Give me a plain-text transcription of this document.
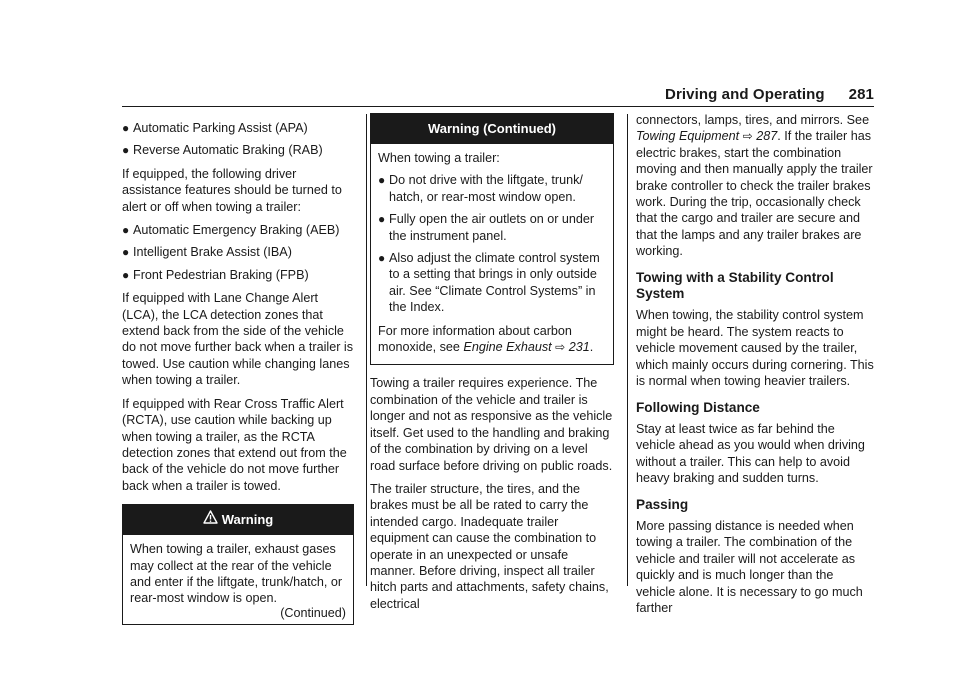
Driving and Operating 281
● Automatic Parking Assist (APA)
● Reverse Automatic Braking (RAB)

If equipped, the following driver assistance features should be turned to alert or off when towing a trailer:

● Automatic Emergency Braking (AEB)
● Intelligent Brake Assist (IBA)
● Front Pedestrian Braking (FPB)

If equipped with Lane Change Alert (LCA), the LCA detection zones that extend back from the side of the vehicle do not move further back when a trailer is towed. Use caution while changing lanes when towing a trailer.

If equipped with Rear Cross Traffic Alert (RCTA), use caution while backing up when towing a trailer, as the RCTA detection zones that extend out from the back of the vehicle do not move further back when a trailer is towed.

Warning

When towing a trailer, exhaust gases may collect at the rear of the vehicle and enter if the liftgate, trunk/hatch, or rear-most window is open.

(Continued)
Warning (Continued)

When towing a trailer:

● Do not drive with the liftgate, trunk/ hatch, or rear-most window open.
● Fully open the air outlets on or under the instrument panel.
● Also adjust the climate control system to a setting that brings in only outside air. See “Climate Control Systems” in the Index.

For more information about carbon monoxide, see Engine Exhaust ⇨ 231.

Towing a trailer requires experience. The combination of the vehicle and trailer is longer and not as responsive as the vehicle itself. Get used to the handling and braking of the combination by driving on a level road surface before driving on public roads.

The trailer structure, the tires, and the brakes must be all be rated to carry the intended cargo. Inadequate trailer equipment can cause the combination to operate in an unexpected or unsafe manner. Before driving, inspect all trailer hitch parts and attachments, safety chains, electrical

connectors, lamps, tires, and mirrors. See Towing Equipment ⇨ 287. If the trailer has electric brakes, start the combination moving and then manually apply the trailer brake controller to check the trailer brakes work. During the trip, occasionally check that the cargo and trailer are secure and that the lamps and any trailer brakes are working.

Towing with a Stability Control System

When towing, the stability control system might be heard. The system reacts to vehicle movement caused by the trailer, which mainly occurs during cornering. This is normal when towing heavier trailers.

Following Distance

Stay at least twice as far behind the vehicle ahead as you would when driving without a trailer. This can help to avoid heavy braking and sudden turns.

Passing

More passing distance is needed when towing a trailer. The combination of the vehicle and trailer will not accelerate as quickly and is much longer than the vehicle alone. It is necessary to go much farther
